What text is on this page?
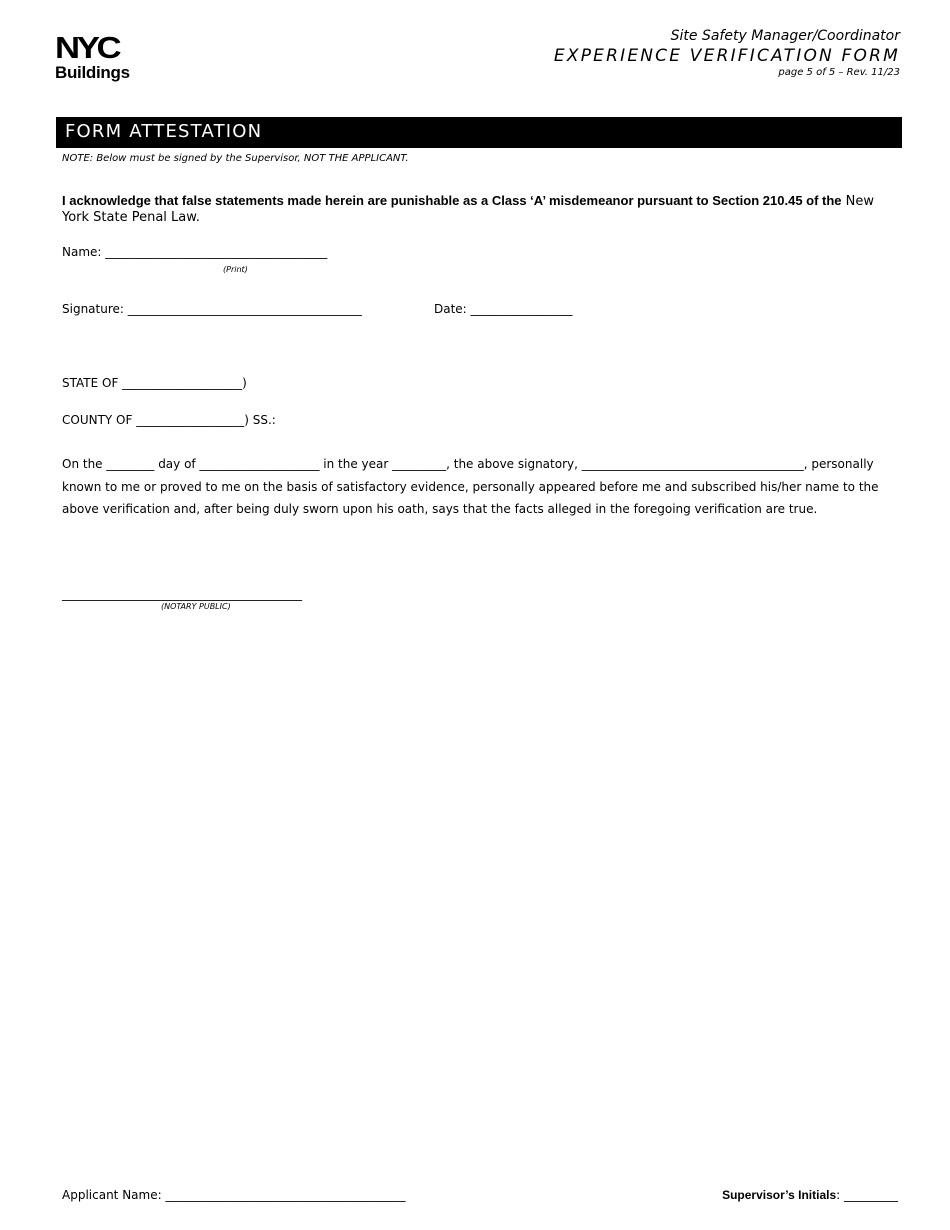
NYC
Buildings
Site Safety Manager/Coordinator
EXPERIENCE VERIFICATION FORM
page 5 of 5 – Rev. 11/23
FORM ATTESTATION
NOTE: Below must be signed by the Supervisor, NOT THE APPLICANT.
I acknowledge that false statements made herein are punishable as a Class ‘A’ misdemeanor pursuant to Section 210.45 of the New York State Penal Law.
Name: _____________________________________
(Print)
Signature: _______________________________________	Date: _________________
STATE OF ____________________)
COUNTY OF __________________) SS.:
On the ________ day of ____________________ in the year _________, the above signatory, _____________________________________, personally known to me or proved to me on the basis of satisfactory evidence, personally appeared before me and subscribed his/her name to the above verification and, after being duly sworn upon his oath, says that the facts alleged in the foregoing verification are true.
________________________________________
(NOTARY PUBLIC)
Applicant Name: ________________________________________	Supervisor’s Initials: _________
